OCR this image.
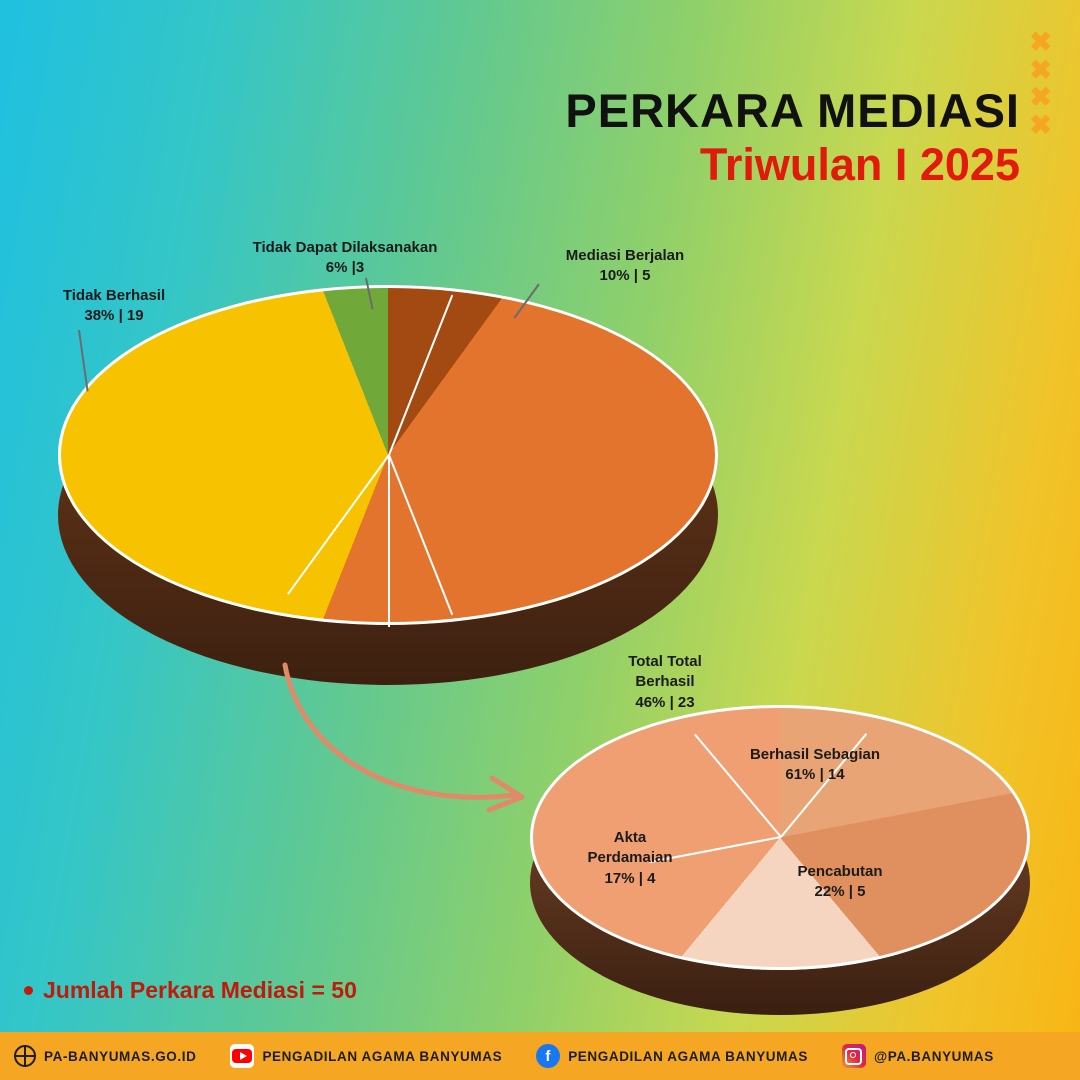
✖
✖
✖
✖
PERKARA MEDIASI
Triwulan I 2025
Tidak Dapat Dilaksanakan
6% |3
Mediasi Berjalan
10% | 5
Tidak Berhasil
38% | 19
Total Total Berhasil
46% | 23
Berhasil Sebagian
61% | 14
Pencabutan
22% | 5
Akta Perdamaian
17% | 4
Jumlah Perkara Mediasi = 50
PA-BANYUMAS.GO.ID	PENGADILAN AGAMA BANYUMAS	f	PENGADILAN AGAMA BANYUMAS	@PA.BANYUMAS
